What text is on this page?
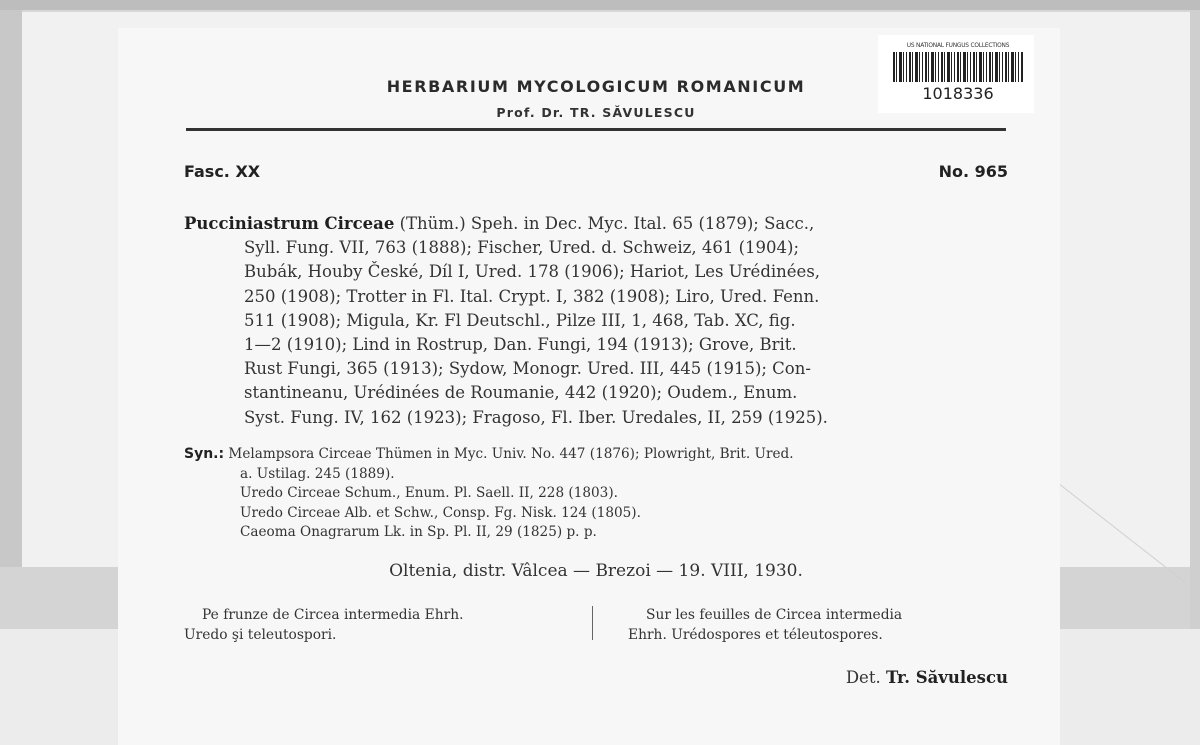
US NATIONAL FUNGUS COLLECTIONS
1018336
HERBARIUM MYCOLOGICUM ROMANICUM
Prof. Dr. TR. SĂVULESCU
Fasc. XX	No. 965
Pucciniastrum Circeae (Thüm.) Speh. in Dec. Myc. Ital. 65 (1879); Sacc.,
Syll. Fung. VII, 763 (1888); Fischer, Ured. d. Schweiz, 461 (1904);
Bubák, Houby České, Díl I, Ured. 178 (1906); Hariot, Les Urédinées,
250 (1908); Trotter in Fl. Ital. Crypt. I, 382 (1908); Liro, Ured. Fenn.
511 (1908); Migula, Kr. Fl Deutschl., Pilze III, 1, 468, Tab. XC, fig.
1—2 (1910); Lind in Rostrup, Dan. Fungi, 194 (1913); Grove, Brit.
Rust Fungi, 365 (1913); Sydow, Monogr. Ured. III, 445 (1915); Con-
stantineanu, Urédinées de Roumanie, 442 (1920); Oudem., Enum.
Syst. Fung. IV, 162 (1923); Fragoso, Fl. Iber. Uredales, II, 259 (1925).
Syn.: Melampsora Circeae Thümen in Myc. Univ. No. 447 (1876); Plowright, Brit. Ured.
a. Ustilag. 245 (1889).
Uredo Circeae Schum., Enum. Pl. Saell. II, 228 (1803).
Uredo Circeae Alb. et Schw., Consp. Fg. Nisk. 124 (1805).
Caeoma Onagrarum Lk. in Sp. Pl. II, 29 (1825) p. p.
Oltenia, distr. Vâlcea — Brezoi — 19. VIII, 1930.
Pe frunze de Circea intermedia Ehrh.
Uredo şi teleutospori.
Sur les feuilles de Circea intermedia
Ehrh. Urédospores et téleutospores.
Det. Tr. Săvulescu
